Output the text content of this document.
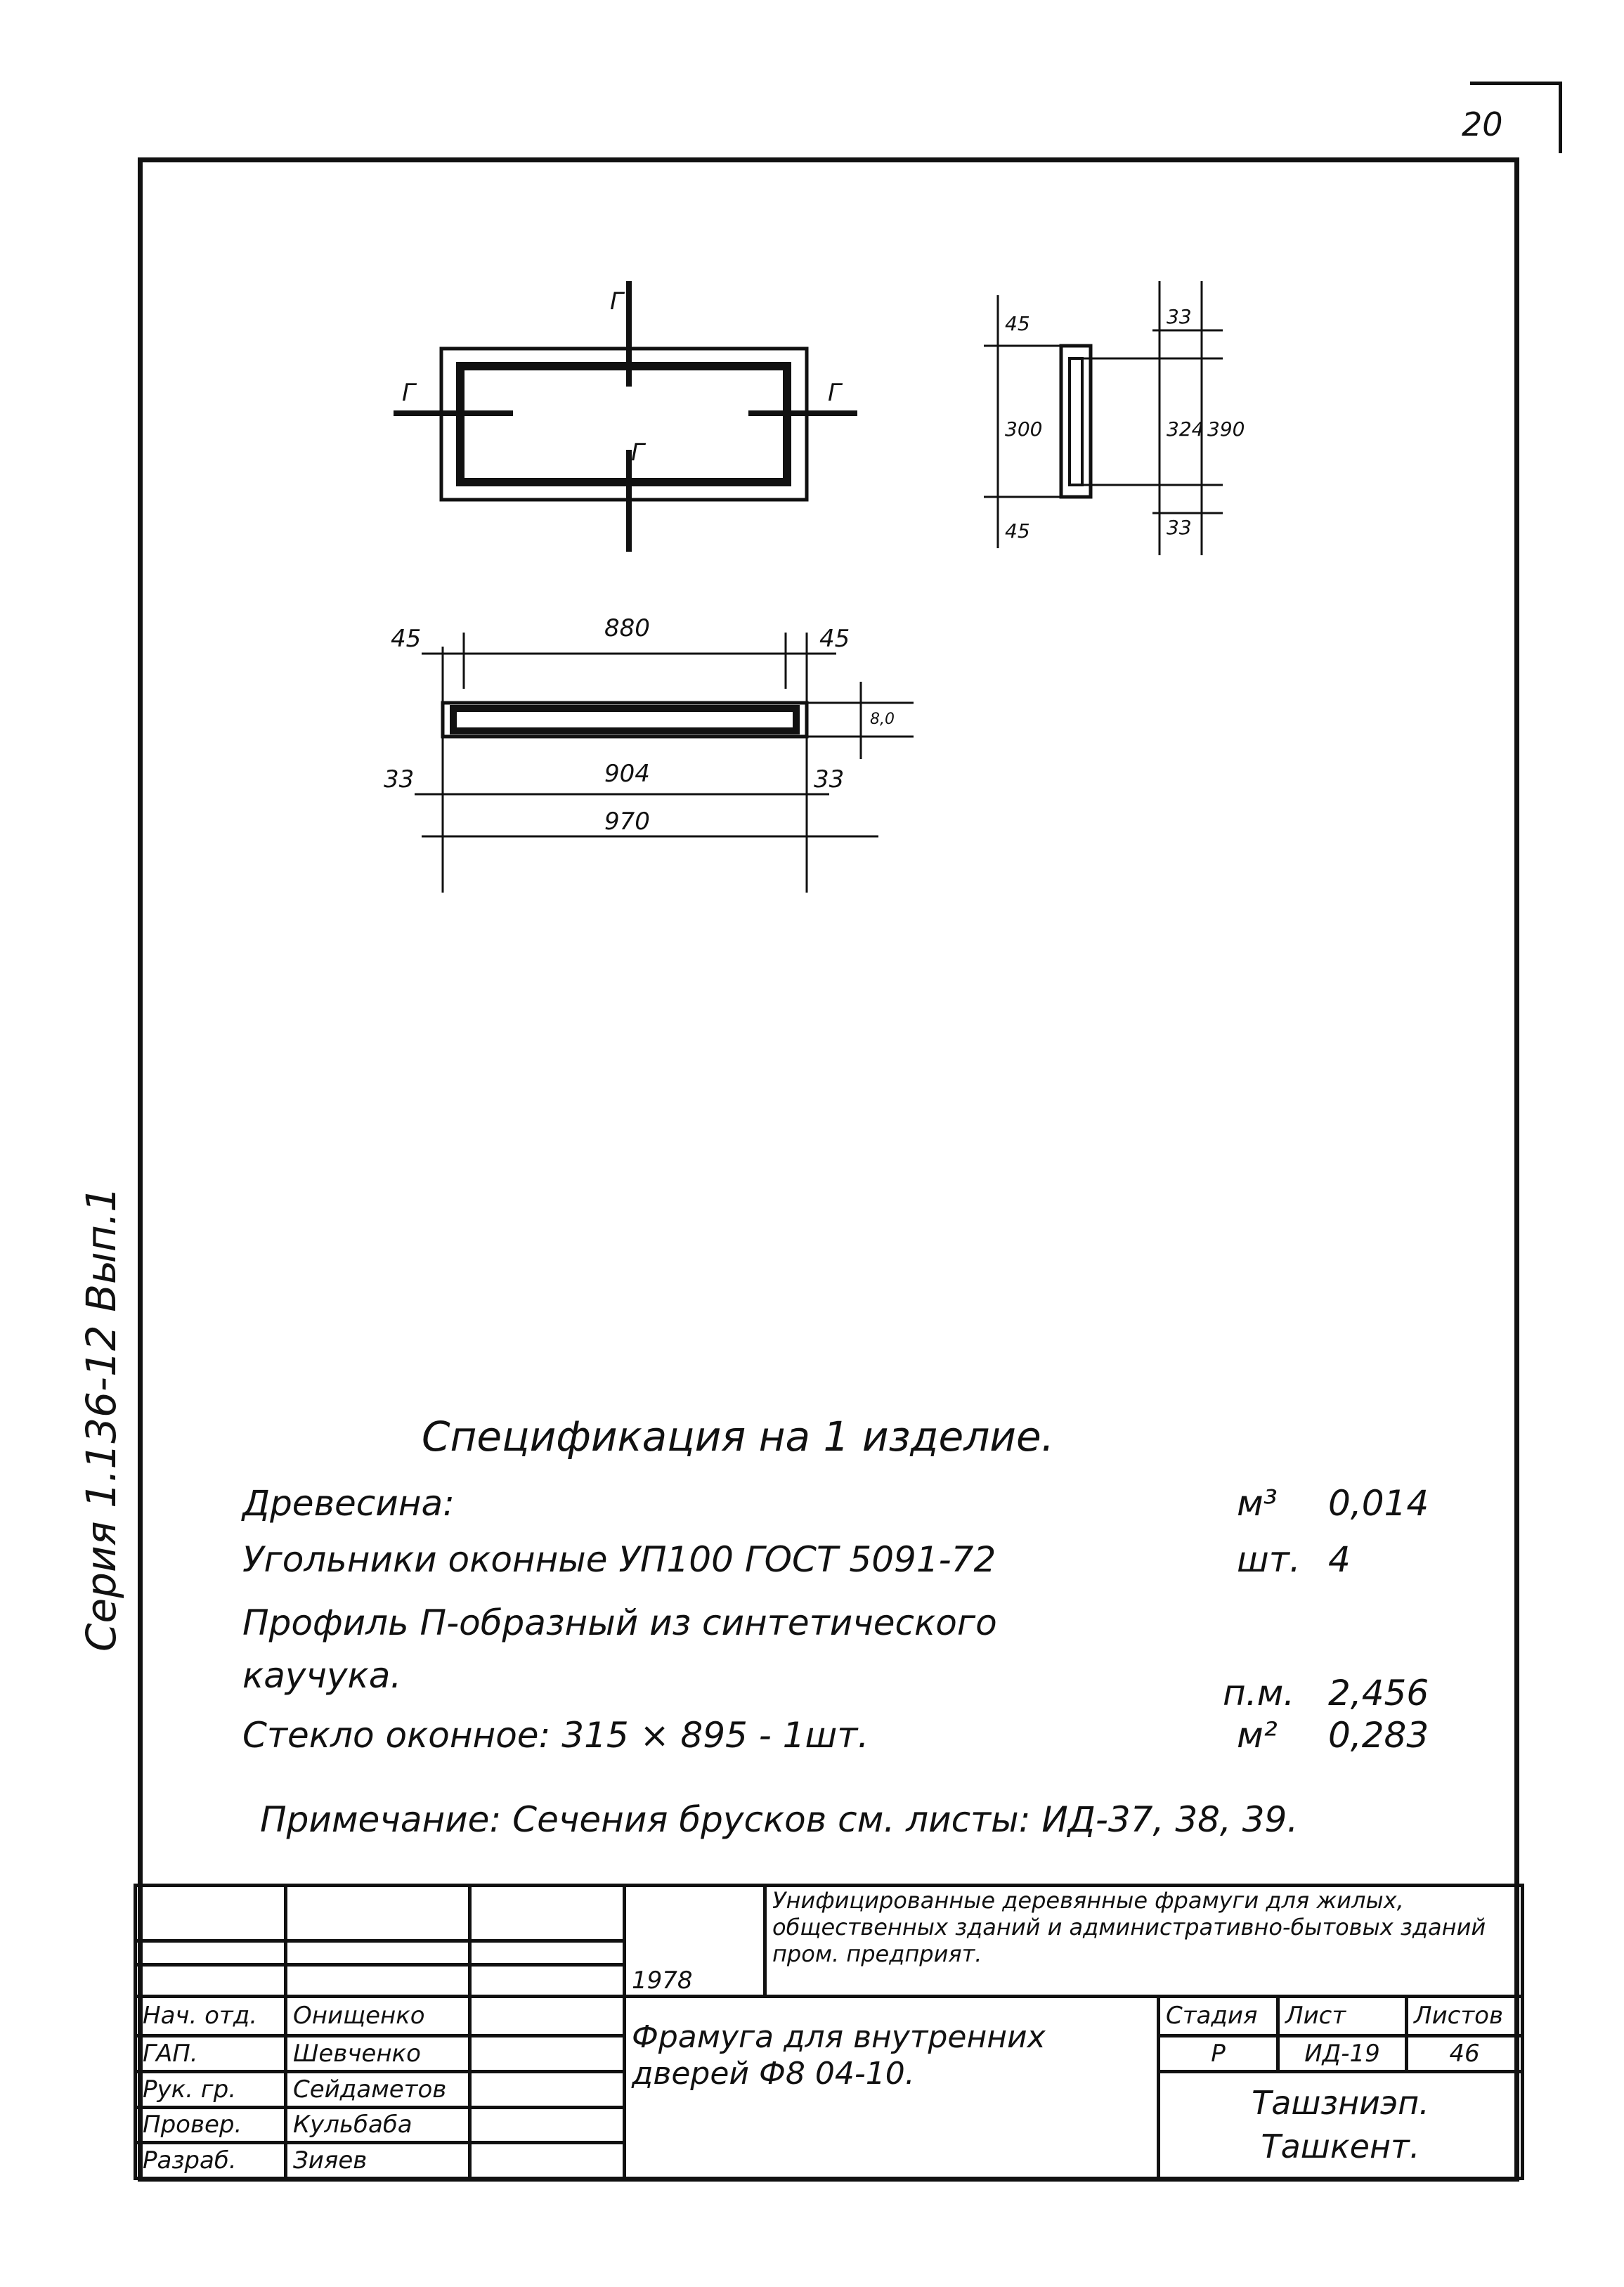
20
Серия 1.136-12 Вып.1
Г
Г	Г
Г
45	880	45
8,0
33	904	33
970
45
300
45
33
324
33
390
Спецификация на 1 изделие.
Древесина:	м³ 0,014
Угольники оконные УП100 ГОСТ 5091-72	шт. 4
Профиль П-образный из синтетического
каучука.	п.м. 2,456
Стекло оконное: 315 × 895 - 1шт.	м² 0,283
Примечание: Сечения брусков см. листы: ИД-37, 38, 39.
			1978	Унифицированные деревянные фрамуги для жилых, общественных зданий и административно-бытовых зданий пром. предприят.			

Нач. отд.	Онищенко		Фрамуга для внутренних дверей Ф8 04-10.		Стадия	Лист	Листов
ГАП.	Шевченко				Р	ИД-19	46
Рук. гр.	Сейдаметов				Ташзниэп.
Ташкент.		
Провер.	Кульбаба						
Разраб.	Зияев						
